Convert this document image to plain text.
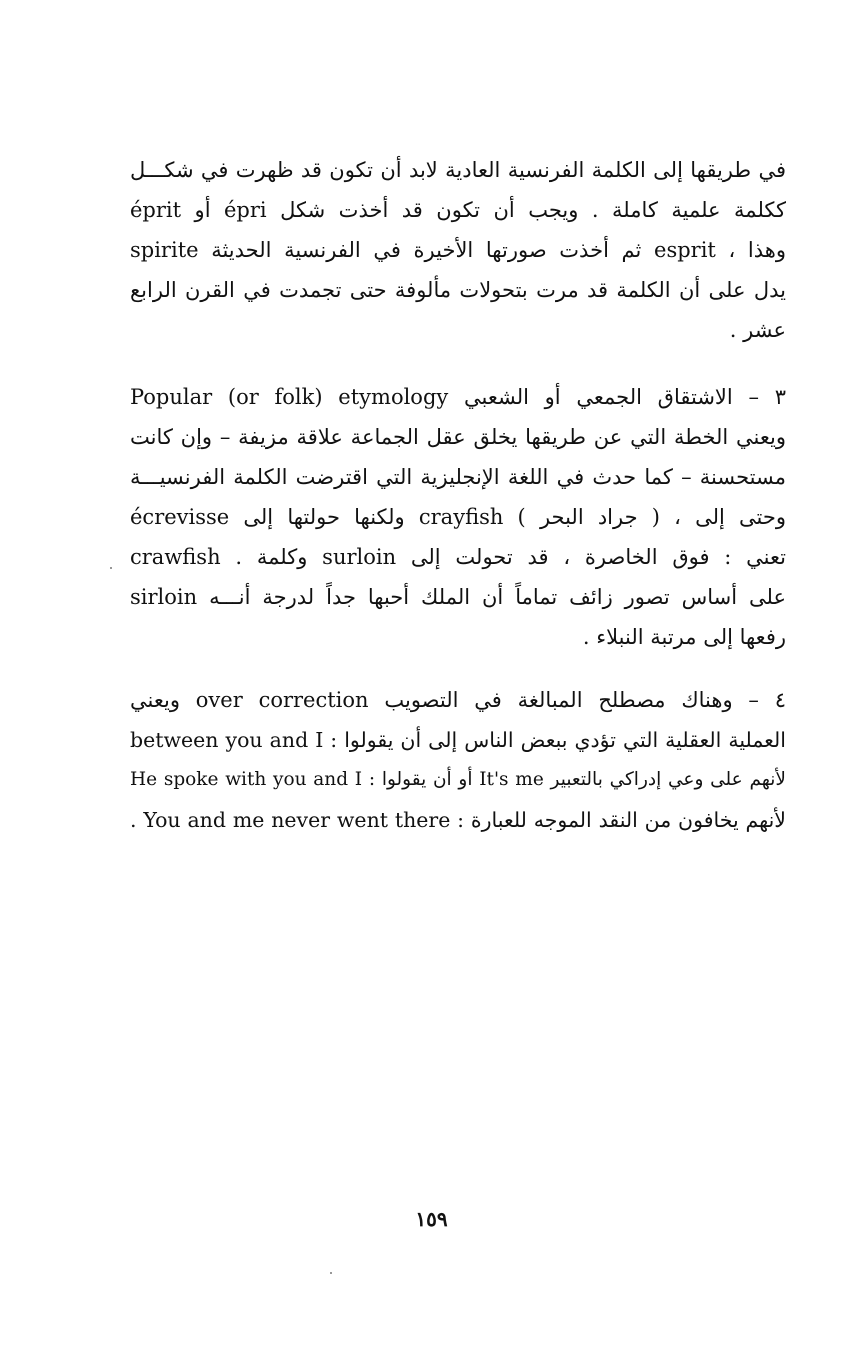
في طريقها إلى الكلمة الفرنسية العادية لابد أن تكون قد ظهرت في شكـــل
éprit أو épri ككلمة علمية كاملة . ويجب أن تكون قد أخذت شكل
spirite ثم أخذت صورتها الأخيرة في الفرنسية الحديثة esprit ، وهذا
يدل على أن الكلمة قد مرت بتحولات مألوفة حتى تجمدت في القرن الرابع
عشر .
٣ – الاشتقاق الجمعي أو الشعبي Popular (or folk) etymology
ويعني الخطة التي عن طريقها يخلق عقل الجماعة علاقة مزيفة – وإن كانت
مستحسنة – كما حدث في اللغة الإنجليزية التي اقترضت الكلمة الفرنسيـــة
écrevisse ولكنها حولتها إلى crayfish ( جراد البحر ) ، وحتى إلى
crawfish . وكلمة surloin تعني : فوق الخاصرة ، قد تحولت إلى
sirloin على أساس تصور زائف تماماً أن الملك أحبها جداً لدرجة أنـــه
رفعها إلى مرتبة النبلاء .
٤ – وهناك مصطلح المبالغة في التصويب over correction ويعني
العملية العقلية التي تؤدي ببعض الناس إلى أن يقولوا : between you and I
لأنهم على وعي إدراكي بالتعبير It's me أو أن يقولوا : He spoke with you and I
لأنهم يخافون من النقد الموجه للعبارة : You and me never went there .
١٥٩
